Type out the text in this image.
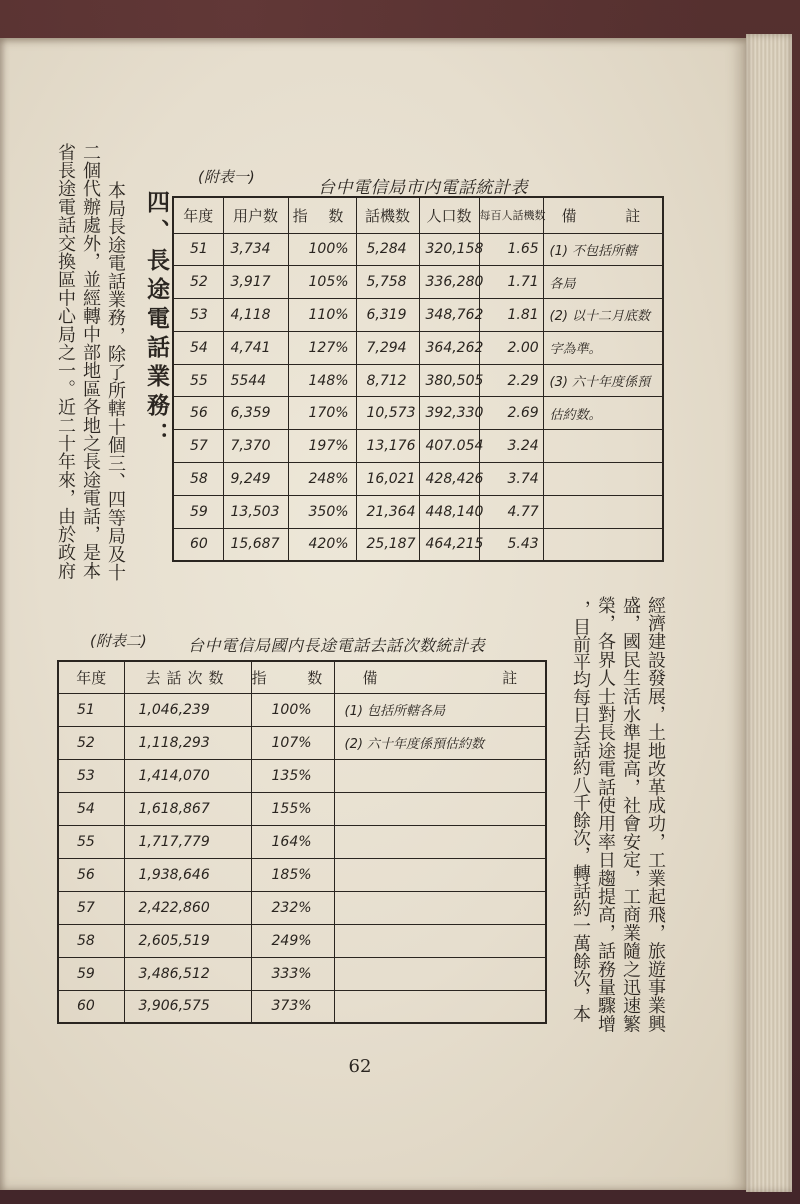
四、長途電話業務：
本局長途電話業務，除了所轄十個三、四等局及十
二個代辦處外，並經轉中部地區各地之長途電話，是本
省長途電話交換區中心局之一。近二十年來，由於政府
經濟建設發展，土地改革成功，工業起飛，旅遊事業興
盛，國民生活水準提高，社會安定，工商業隨之迅速繁
榮，各界人士對長途電話使用率日趨提高，話務量驟增
，目前平均每日去話約八千餘次，轉話約一萬餘次，本
(附表一)
台中電信局市内電話統計表
年度	用户数	指 数	話機数	人口数	每百人話機数	備 註
51	3,734	100%	5,284	320,158	1.65	(1) 不包括所轄
52	3,917	105%	5,758	336,280	1.71	各局
53	4,118	110%	6,319	348,762	1.81	(2) 以十二月底数
54	4,741	127%	7,294	364,262	2.00	字為準。
55	5544	148%	8,712	380,505	2.29	(3) 六十年度係預
56	6,359	170%	10,573	392,330	2.69	估約数。
57	7,370	197%	13,176	407.054	3.24	
58	9,249	248%	16,021	428,426	3.74	
59	13,503	350%	21,364	448,140	4.77	
60	15,687	420%	25,187	464,215	5.43	
(附表二)	台中電信局國内長途電話去話次数統計表
年度	去話次数	指 数	備 註
51	1,046,239	100%	(1) 包括所轄各局
52	1,118,293	107%	(2) 六十年度係預估約数
53	1,414,070	135%	
54	1,618,867	155%	
55	1,717,779	164%	
56	1,938,646	185%	
57	2,422,860	232%	
58	2,605,519	249%	
59	3,486,512	333%	
60	3,906,575	373%	
62
